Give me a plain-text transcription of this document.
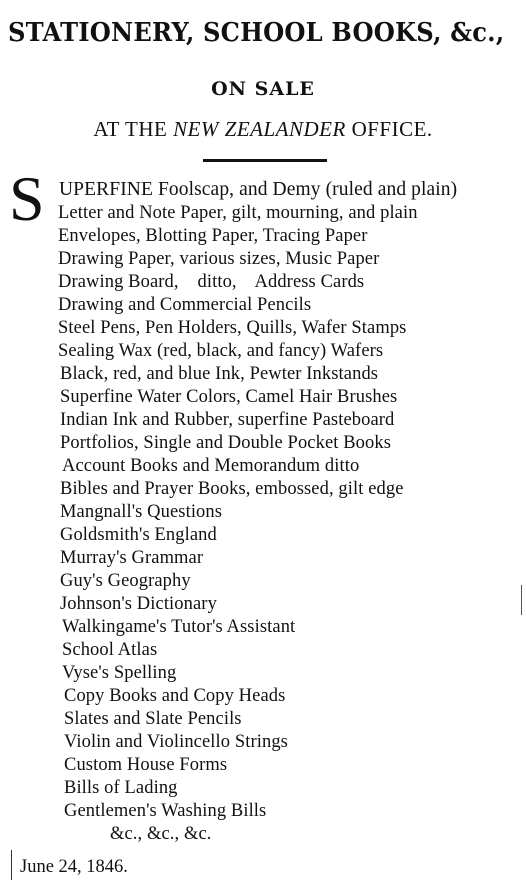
STATIONERY, SCHOOL BOOKS, &c.,
ON SALE
AT THE NEW ZEALANDER OFFICE.
S UPERFINE Foolscap, and Demy (ruled and plain)
Letter and Note Paper, gilt, mourning, and plain
Envelopes, Blotting Paper, Tracing Paper
Drawing Paper, various sizes, Music Paper
Drawing Board,    ditto,    Address Cards
Drawing and Commercial Pencils
Steel Pens, Pen Holders, Quills, Wafer Stamps
Sealing Wax (red, black, and fancy) Wafers
Black, red, and blue Ink, Pewter Inkstands
Superfine Water Colors, Camel Hair Brushes
Indian Ink and Rubber, superfine Pasteboard
Portfolios, Single and Double Pocket Books
Account Books and Memorandum ditto
Bibles and Prayer Books, embossed, gilt edge
Mangnall's Questions
Goldsmith's England
Murray's Grammar
Guy's Geography
Johnson's Dictionary
Walkingame's Tutor's Assistant
School Atlas
Vyse's Spelling
Copy Books and Copy Heads
Slates and Slate Pencils
Violin and Violincello Strings
Custom House Forms
Bills of Lading
Gentlemen's Washing Bills
&c., &c., &c.
June 24, 1846.
